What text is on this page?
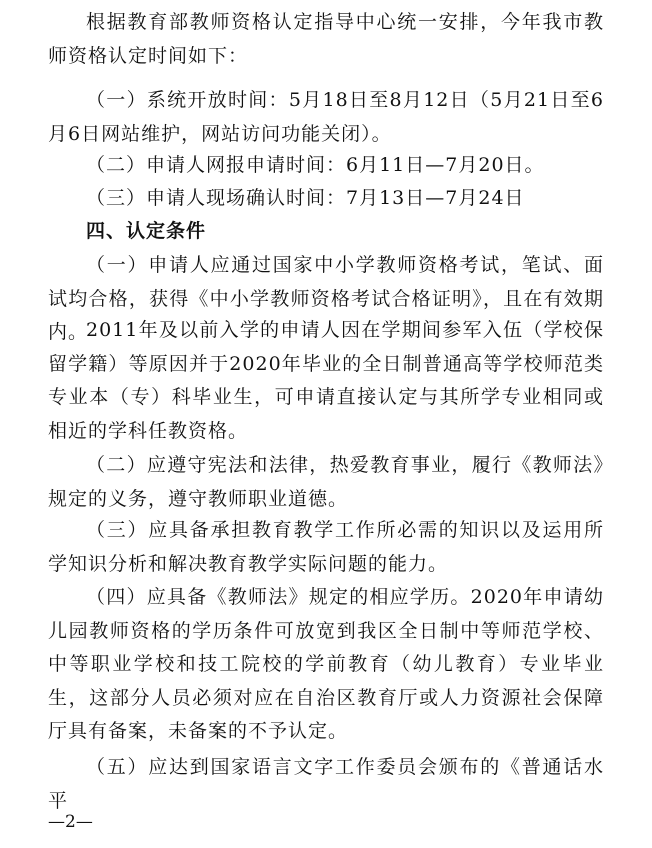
根据教育部教师资格认定指导中心统一安排，今年我市教师资格认定时间如下：

（一）系统开放时间：5月18日至8月12日（5月21日至6月6日网站维护，网站访问功能关闭）。

（二）申请人网报申请时间：6月11日—7月20日。

（三）申请人现场确认时间：7月13日—7月24日

四、认定条件

（一）申请人应通过国家中小学教师资格考试，笔试、面试均合格，获得《中小学教师资格考试合格证明》，且在有效期内。

2011年及以前入学的申请人因在学期间参军入伍（学校保留学籍）等原因并于2020年毕业的全日制普通高等学校师范类专业本（专）科毕业生，可申请直接认定与其所学专业相同或相近的学科任教资格。

（二）应遵守宪法和法律，热爱教育事业，履行《教师法》规定的义务，遵守教师职业道德。

（三）应具备承担教育教学工作所必需的知识以及运用所学知识分析和解决教育教学实际问题的能力。

（四）应具备《教师法》规定的相应学历。2020年申请幼儿园教师资格的学历条件可放宽到我区全日制中等师范学校、中等职业学校和技工院校的学前教育（幼儿教育）专业毕业生，这部分人员必须对应在自治区教育厅或人力资源社会保障厅具有备案，未备案的不予认定。

（五）应达到国家语言文字工作委员会颁布的《普通话水平

—2—
